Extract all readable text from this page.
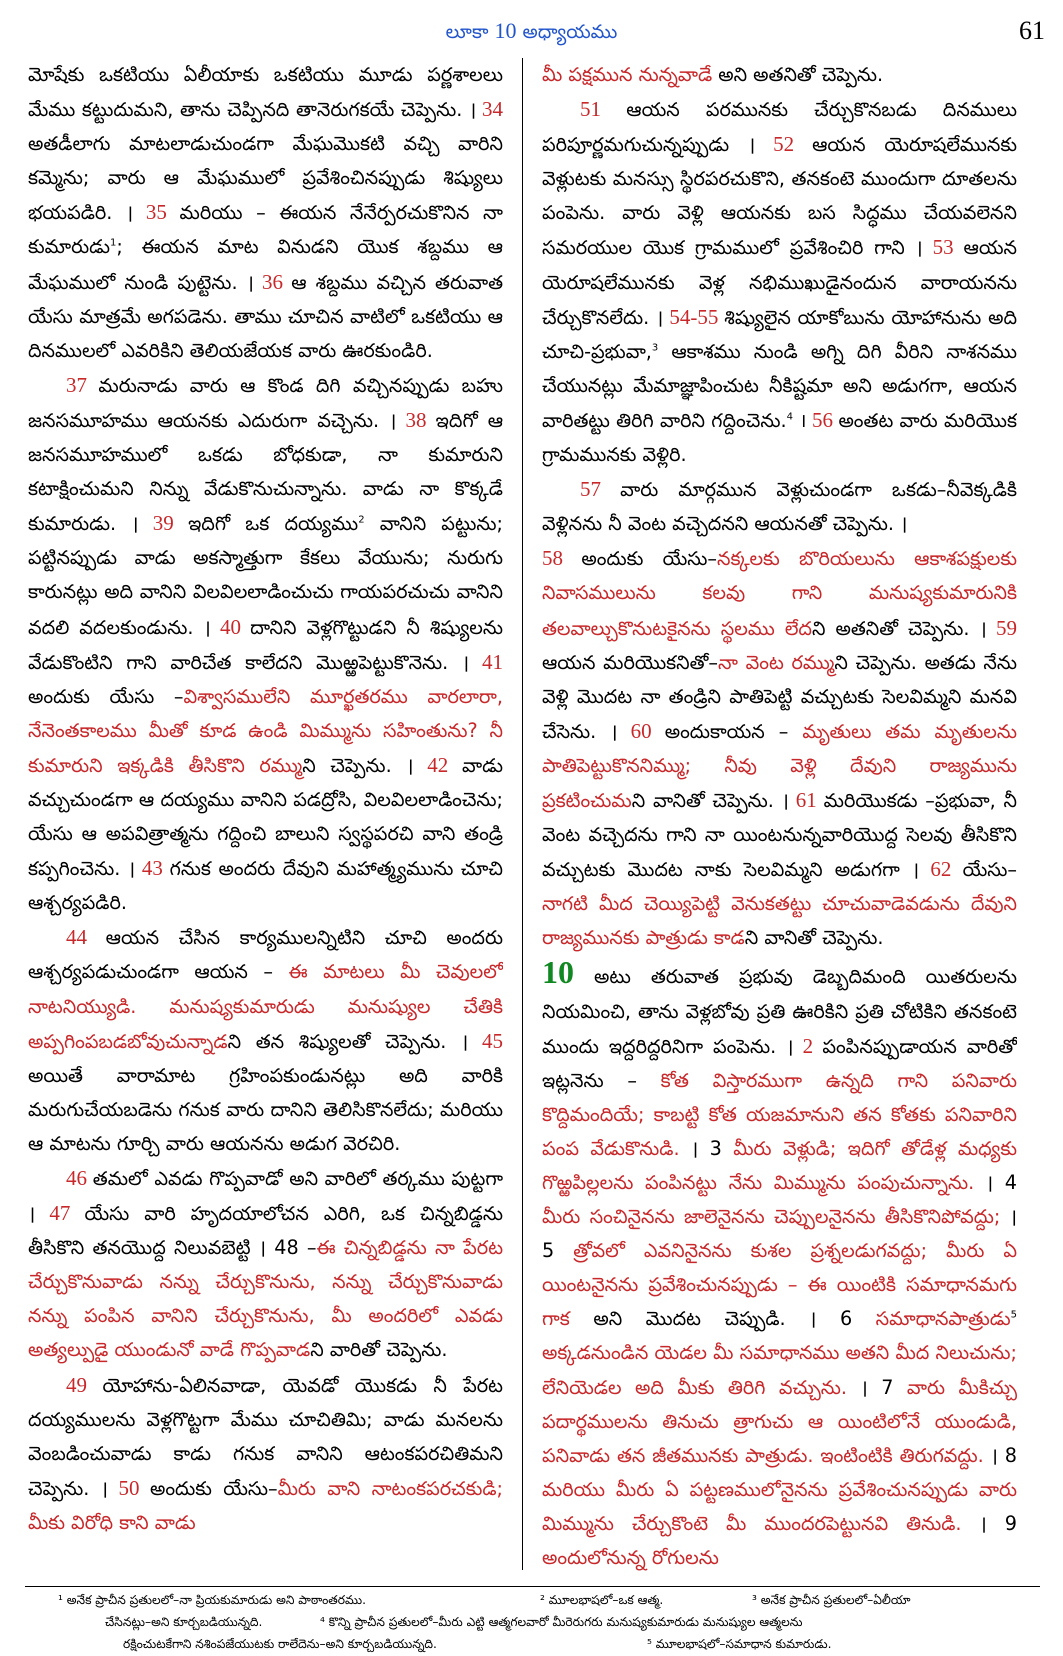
లూకా 10 అధ్యాయము	61

మోషేకు ఒకటియు ఏలీయాకు ఒకటియు మూడు పర్ణశాలలు మేము కట్టుదుమని, తాను చెప్పినది తానెరుగకయే చెప్పెను. । 34 అతడీలాగు మాటలాడుచుండగా మేఘమొకటి వచ్చి వారిని కమ్మెను; వారు ఆ మేఘములో ప్రవేశించినప్పుడు శిష్యులు భయపడిరి. । 35 మరియు – ఈయన నేనేర్పరచుకొనిన నా కుమారుడు$^1$; ఈయన మాట వినుడని యొక శబ్దము ఆ మేఘములో నుండి పుట్టెను. । 36 ఆ శబ్దము వచ్చిన తరువాత యేసు మాత్రమే అగపడెను. తాము చూచిన వాటిలో ఒకటియు ఆ దినములలో ఎవరికిని తెలియజేయక వారు ఊరకుండిరి.

37 మరునాడు వారు ఆ కొండ దిగి వచ్చినప్పుడు బహు జనసమూహము ఆయనకు ఎదురుగా వచ్చెను. । 38 ఇదిగో ఆ జనసమూహములో ఒకడు బోధకుడా, నా కుమారుని కటాక్షించుమని నిన్ను వేడుకొనుచున్నాను. వాడు నా కొక్కడే కుమారుడు. । 39 ఇదిగో ఒక దయ్యము$^2$ వానిని పట్టును; పట్టినప్పుడు వాడు అకస్మాత్తుగా కేకలు వేయును; నురుగు కారునట్లు అది వానిని విలవిలలాడించుచు గాయపరచుచు వానిని వదలి వదలకుండును. । 40 దానిని వెళ్లగొట్టుడని నీ శిష్యులను వేడుకొంటిని గాని వారిచేత కాలేదని మొఱ్ఱపెట్టుకొనెను. । 41 అందుకు యేసు –విశ్వాసములేని మూర్ఖతరము వారలారా, నేనెంతకాలము మీతో కూడ ఉండి మిమ్మును సహింతును? నీ కుమారుని ఇక్కడికి తీసికొని రమ్ముని చెప్పెను. । 42 వాడు వచ్చుచుండగా ఆ దయ్యము వానిని పడద్రోసి, విలవిలలాడించెను; యేసు ఆ అపవిత్రాత్మను గద్దించి బాలుని స్వస్థపరచి వాని తండ్రి కప్పగించెను. । 43 గనుక అందరు దేవుని మహాత్మ్యమును చూచి ఆశ్చర్యపడిరి.

44 ఆయన చేసిన కార్యములన్నిటిని చూచి అందరు ఆశ్చర్యపడుచుండగా ఆయన – ఈ మాటలు మీ చెవులలో నాటనియ్యుడి. మనుష్యకుమారుడు మనుష్యుల చేతికి అప్పగింపబడబోవుచున్నాడని తన శిష్యులతో చెప్పెను. । 45 అయితే వారామాట గ్రహింపకుండునట్లు అది వారికి మరుగుచేయబడెను గనుక వారు దానిని తెలిసికొనలేదు; మరియు ఆ మాటను గూర్చి వారు ఆయనను అడుగ వెరచిరి.

46 తమలో ఎవడు గొప్పవాడో అని వారిలో తర్కము పుట్టగా । 47 యేసు వారి హృదయాలోచన ఎరిగి, ఒక చిన్నబిడ్డను తీసికొని తనయొద్ద నిలువబెట్టి । 48 –ఈ చిన్నబిడ్డను నా పేరట చేర్చుకొనువాడు నన్ను చేర్చుకొనును, నన్ను చేర్చుకొనువాడు నన్ను పంపిన వానిని చేర్చుకొనును, మీ అందరిలో ఎవడు అత్యల్పుడై యుండునో వాడే గొప్పవాడని వారితో చెప్పెను.

49 యోహాను-ఏలినవాడా, యెవడో యొకడు నీ పేరట దయ్యములను వెళ్లగొట్టగా మేము చూచితివిు; వాడు మనలను వెంబడించువాడు కాడు గనుక వానిని ఆటంకపరచితిమని చెప్పెను. । 50 అందుకు యేసు–మీరు వాని నాటంకపరచకుడి; మీకు విరోధి కాని వాడు

మీ పక్షమున నున్నవాడే అని అతనితో చెప్పెను.

51 ఆయన పరమునకు చేర్చుకొనబడు దినములు పరిపూర్ణమగుచున్నప్పుడు । 52 ఆయన యెరూషలేమునకు వెళ్లుటకు మనస్సు స్థిరపరచుకొని, తనకంటె ముందుగా దూతలను పంపెను. వారు వెళ్లి ఆయనకు బస సిద్ధము చేయవలెనని సమరయుల యొక గ్రామములో ప్రవేశించిరి గాని । 53 ఆయన యెరూషలేమునకు వెళ్ల నభిముఖుడైనందున వారాయనను చేర్చుకొనలేదు. । 54-55 శిష్యులైన యాకోబును యోహానును అది చూచి-ప్రభువా,$^3$ ఆకాశము నుండి అగ్ని దిగి వీరిని నాశనము చేయునట్లు మేమాజ్ఞాపించుట నీకిష్టమా అని అడుగగా, ఆయన వారితట్టు తిరిగి వారిని గద్దించెను.$^4$ । 56 అంతట వారు మరియొక గ్రామమునకు వెళ్లిరి.

57 వారు మార్గమున వెళ్లుచుండగా ఒకడు–నీవెక్కడికి వెళ్లినను నీ వెంట వచ్చెదనని ఆయనతో చెప్పెను. ।

58 అందుకు యేసు–నక్కలకు బొరియలును ఆకాశపక్షులకు నివాసములును కలవు గాని మనుష్యకుమారునికి తలవాల్చుకొనుటకైనను స్థలము లేదని అతనితో చెప్పెను. । 59 ఆయన మరియొకనితో–నా వెంట రమ్ముని చెప్పెను. అతడు నేను వెళ్లి మొదట నా తండ్రిని పాతిపెట్టి వచ్చుటకు సెలవిమ్మని మనవి చేసెను. । 60 అందుకాయన – మృతులు తమ మృతులను పాతిపెట్టుకొననిమ్ము; నీవు వెళ్లి దేవుని రాజ్యమును ప్రకటించుమని వానితో చెప్పెను. । 61 మరియొకడు –ప్రభువా, నీ వెంట వచ్చెదను గాని నా యింటనున్నవారియొద్ద సెలవు తీసికొని వచ్చుటకు మొదట నాకు సెలవిమ్మని అడుగగా । 62 యేసు–నాగటి మీద చెయ్యిపెట్టి వెనుకతట్టు చూచువాడెవడును దేవుని రాజ్యమునకు పాత్రుడు కాడని వానితో చెప్పెను.

10 అటు తరువాత ప్రభువు డెబ్బదిమంది యితరులను నియమించి, తాను వెళ్లబోవు ప్రతి ఊరికిని ప్రతి చోటికిని తనకంటె ముందు ఇద్దరిద్దరినిగా పంపెను. । 2 పంపినప్పుడాయన వారితో ఇట్లనెను – కోత విస్తారముగా ఉన్నది గాని పనివారు కొద్దిమందియే; కాబట్టి కోత యజమానుని తన కోతకు పనివారిని పంప వేడుకొనుడి. । 3 మీరు వెళ్లుడి; ఇదిగో తోడేళ్ల మధ్యకు గొఱ్ఱపిల్లలను పంపినట్టు నేను మిమ్మును పంపుచున్నాను. । 4 మీరు సంచినైనను జాలెనైనను చెప్పులనైనను తీసికొనిపోవద్దు; । 5 త్రోవలో ఎవనినైనను కుశల ప్రశ్నలడుగవద్దు; మీరు ఏ యింటనైనను ప్రవేశించునప్పుడు – ఈ యింటికి సమాధానమగు గాక అని మొదట చెప్పుడి. । 6 సమాధానపాత్రుడు$^5$ అక్కడనుండిన యెడల మీ సమాధానము అతని మీద నిలుచును; లేనియెడల అది మీకు తిరిగి వచ్చును. । 7 వారు మీకిచ్చు పదార్థములను తినుచు త్రాగుచు ఆ యింటిలోనే యుండుడి, పనివాడు తన జీతమునకు పాత్రుడు. ఇంటింటికి తిరుగవద్దు. । 8 మరియు మీరు ఏ పట్టణములోనైనను ప్రవేశించునప్పుడు వారు మిమ్మును చేర్చుకొంటె మీ ముందరపెట్టునవి తినుడి. । 9 అందులోనున్న రోగులను

¹ అనేక ప్రాచీన ప్రతులలో–నా ప్రియకుమారుడు అని పాఠాంతరము.	² మూలభాషలో–ఒక ఆత్మ.	³ అనేక ప్రాచీన ప్రతులలో–ఏలీయా
చేసినట్లు–అని కూర్చబడియున్నది.	⁴ కొన్ని ప్రాచీన ప్రతులలో–మీరు ఎట్టి ఆత్మగలవారో మీరెరుగరు మనుష్యకుమారుడు మనుష్యుల ఆత్మలను
రక్షించుటకేగాని నశింపజేయుటకు రాలేదెను–అని కూర్చబడియున్నది.	⁵ మూలభాషలో–సమాధాన కుమారుడు.
